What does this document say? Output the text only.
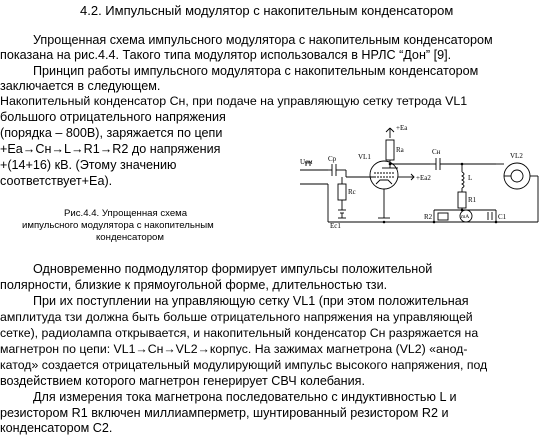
4.2. Импульсный модулятор с накопительным конденсатором
Упрощенная схема импульсного модулятора с накопительным конденсатором
показана на рис.4.4. Такого типа модулятор использовался в НРЛС “Дон” [9].
Принцип работы импульсного модулятора с накопительным конденсатором
заключается в следующем.
Накопительный конденсатор Сн, при подаче на управляющую сетку тетрода VL1
большого отрицательного напряжения
(порядка – 800В), заряжается по цепи
+Еа→Сн→L→R1→R2 до напряжения
+(14+16) кВ. (Этому значению
соответствует+Еа).
Рис.4.4. Упрощенная схема
импульсного модулятора с накопительным
конденсатором
+Eа
Rа
VL1
Uсм Cр
Rс
Eс1
Cн
L
VL2
+Eа2
R1
R2	mA	C1
Одновременно подмодулятор формирует импульсы положительной
полярности, близкие к прямоугольной форме, длительностью τзи.
При их поступлении на управляющую сетку VL1 (при этом положительная
амплитуда τзи должна быть больше отрицательного напряжения на управляющей
сетке), радиолампа открывается, и накопительный конденсатор Сн разряжается на
магнетрон по цепи: VL1→Сн→VL2→корпус. На зажимах магнетрона (VL2) «анод-
катод» создается отрицательный модулирующий импульс высокого напряжения, под
воздействием которого магнетрон генерирует СВЧ колебания.
Для измерения тока магнетрона последовательно с индуктивностью L и
резистором R1 включен миллиамперметр, шунтированный резистором R2 и
конденсатором С2.
